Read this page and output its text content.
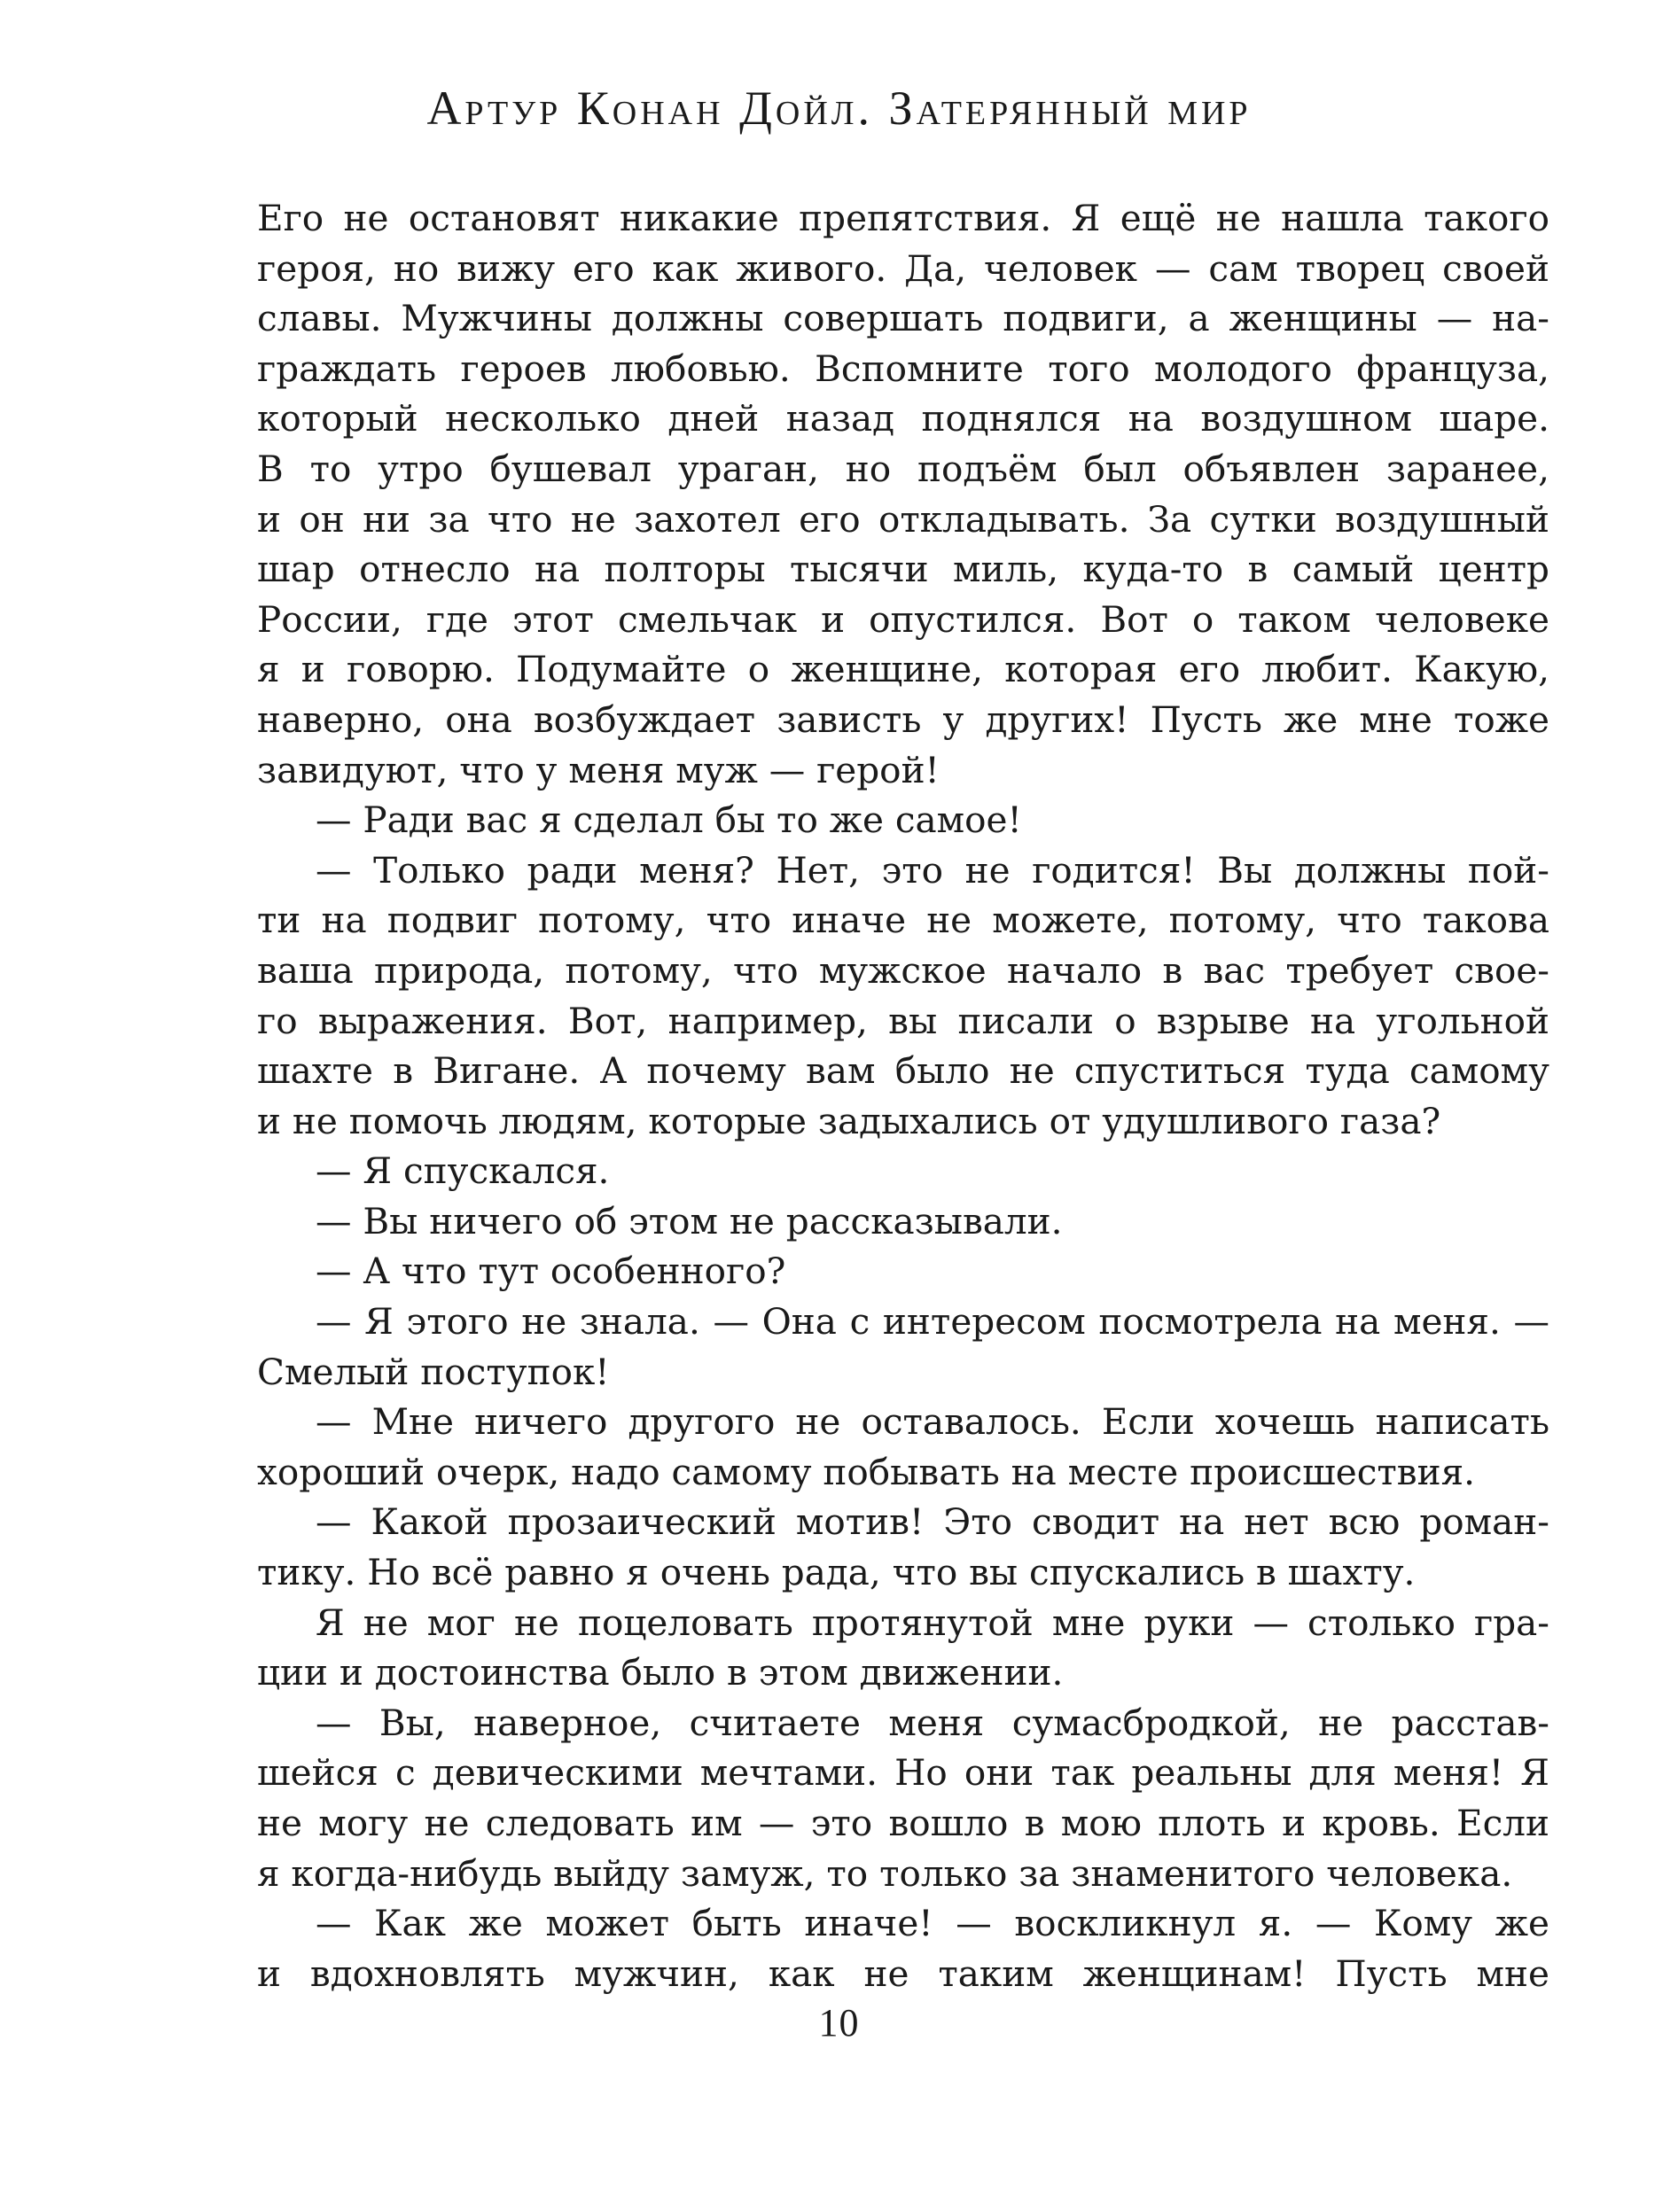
Артур Конан Дойл. Затерянный мир
Его не остановят никакие препятствия. Я ещё не нашла такого
героя, но вижу его как живого. Да, человек — сам творец своей
славы. Мужчины должны совершать подвиги, а женщины — на-
граждать героев любовью. Вспомните того молодого француза,
который несколько дней назад поднялся на воздушном шаре.
В то утро бушевал ураган, но подъём был объявлен заранее,
и он ни за что не захотел его откладывать. За сутки воздушный
шар отнесло на полторы тысячи миль, куда-то в самый центр
России, где этот смельчак и опустился. Вот о таком человеке
я и говорю. Подумайте о женщине, которая его любит. Какую,
наверно, она возбуждает зависть у других! Пусть же мне тоже
завидуют, что у меня муж — герой!
— Ради вас я сделал бы то же самое!
— Только ради меня? Нет, это не годится! Вы должны пой-
ти на подвиг потому, что иначе не можете, потому, что такова
ваша природа, потому, что мужское начало в вас требует свое-
го выражения. Вот, например, вы писали о взрыве на угольной
шахте в Вигане. А почему вам было не спуститься туда самому
и не помочь людям, которые задыхались от удушливого газа?
— Я спускался.
— Вы ничего об этом не рассказывали.
— А что тут особенного?
— Я этого не знала. — Она с интересом посмотрела на меня. —
Смелый поступок!
— Мне ничего другого не оставалось. Если хочешь написать
хороший очерк, надо самому побывать на месте происшествия.
— Какой прозаический мотив! Это сводит на нет всю роман-
тику. Но всё равно я очень рада, что вы спускались в шахту.
Я не мог не поцеловать протянутой мне руки — столько гра-
ции и достоинства было в этом движении.
— Вы, наверное, считаете меня сумасбродкой, не расстав-
шейся с девическими мечтами. Но они так реальны для меня! Я
не могу не следовать им — это вошло в мою плоть и кровь. Если
я когда-нибудь выйду замуж, то только за знаменитого человека.
— Как же может быть иначе! — воскликнул я. — Кому же
и вдохновлять мужчин, как не таким женщинам! Пусть мне
10
